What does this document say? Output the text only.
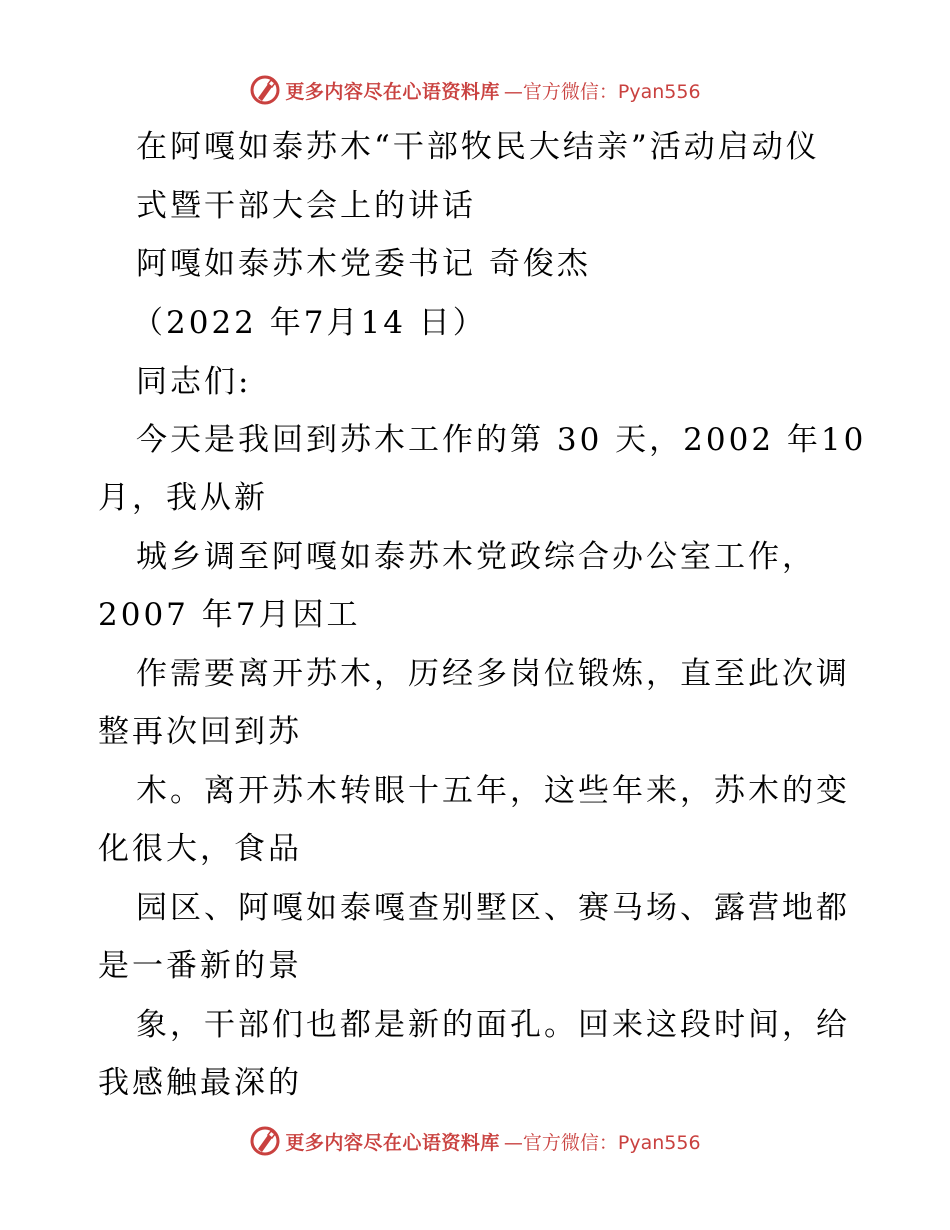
更多内容尽在心语资料库 —官方微信：Pyan556
在阿嘎如泰苏木“干部牧民大结亲”活动启动仪
式暨干部大会上的讲话
阿嘎如泰苏木党委书记 奇俊杰
（2022 年7月14 日）
同志们:
今天是我回到苏木工作的第 30 天，2002 年10
月，我从新
城乡调至阿嘎如泰苏木党政综合办公室工作，
2007 年7月因工
作需要离开苏木，历经多岗位锻炼，直至此次调
整再次回到苏
木。离开苏木转眼十五年，这些年来，苏木的变
化很大，食品
园区、阿嘎如泰嘎查别墅区、赛马场、露营地都
是一番新的景
象，干部们也都是新的面孔。回来这段时间，给
我感触最深的
更多内容尽在心语资料库 —官方微信：Pyan556
